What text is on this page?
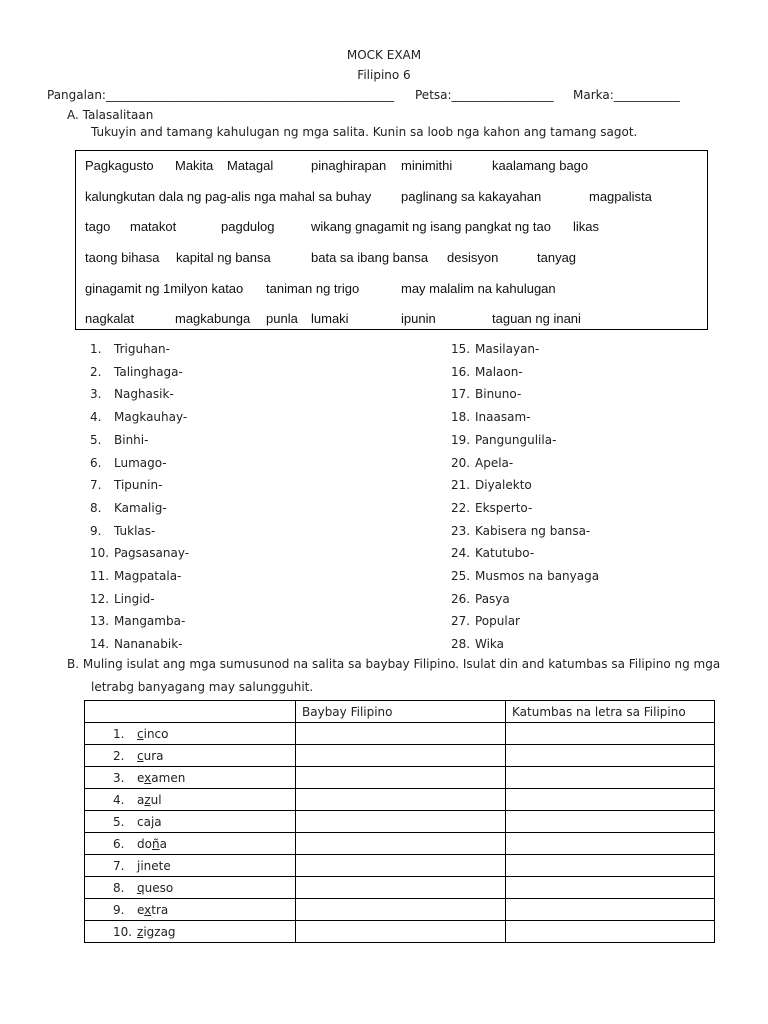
MOCK EXAM
Filipino 6
Pangalan:________________________________________________ Petsa:_________________ Marka:___________
A. Talasalitaan
Tukuyin and tamang kahulugan ng mga salita. Kunin sa loob nga kahon ang tamang sagot.
Pagkagusto Makita Matagal	pinaghirapan minimithi	kaalamang bago
kalungkutan dala ng pag-alis nga mahal sa buhay paglinang sa kakayahan	magpalista
tago matakot	pagdulog	wikang gnagamit ng isang pangkat ng tao likas
taong bihasa kapital ng bansa	bata sa ibang bansa desisyon	tanyag
ginagamit ng 1milyon katao taniman ng trigo	may malalim na kahulugan
nagkalat	magkabunga punla lumaki	ipunin	taguan ng inani
1. Triguhan-
2. Talinghaga-
3. Naghasik-
4. Magkauhay-
5. Binhi-
6. Lumago-
7. Tipunin-
8. Kamalig-
9. Tuklas-
10. Pagsasanay-
11. Magpatala-
12. Lingid-
13. Mangamba-
14. Nananabik-
15. Masilayan-
16. Malaon-
17. Binuno-
18. Inaasam-
19. Pangungulila-
20. Apela-
21. Diyalekto
22. Eksperto-
23. Kabisera ng bansa-
24. Katutubo-
25. Musmos na banyaga
26. Pasya
27. Popular
28. Wika
B. Muling isulat ang mga sumusunod na salita sa baybay Filipino. Isulat din and katumbas sa Filipino ng mga
letrabg banyagang may salungguhit.
	Baybay Filipino	Katumbas na letra sa Filipino
1. cinco		
2. cura		
3. examen		
4. azul		
5. caja		
6. doña		
7. jinete		
8. queso		
9. extra		
10. zigzag		
